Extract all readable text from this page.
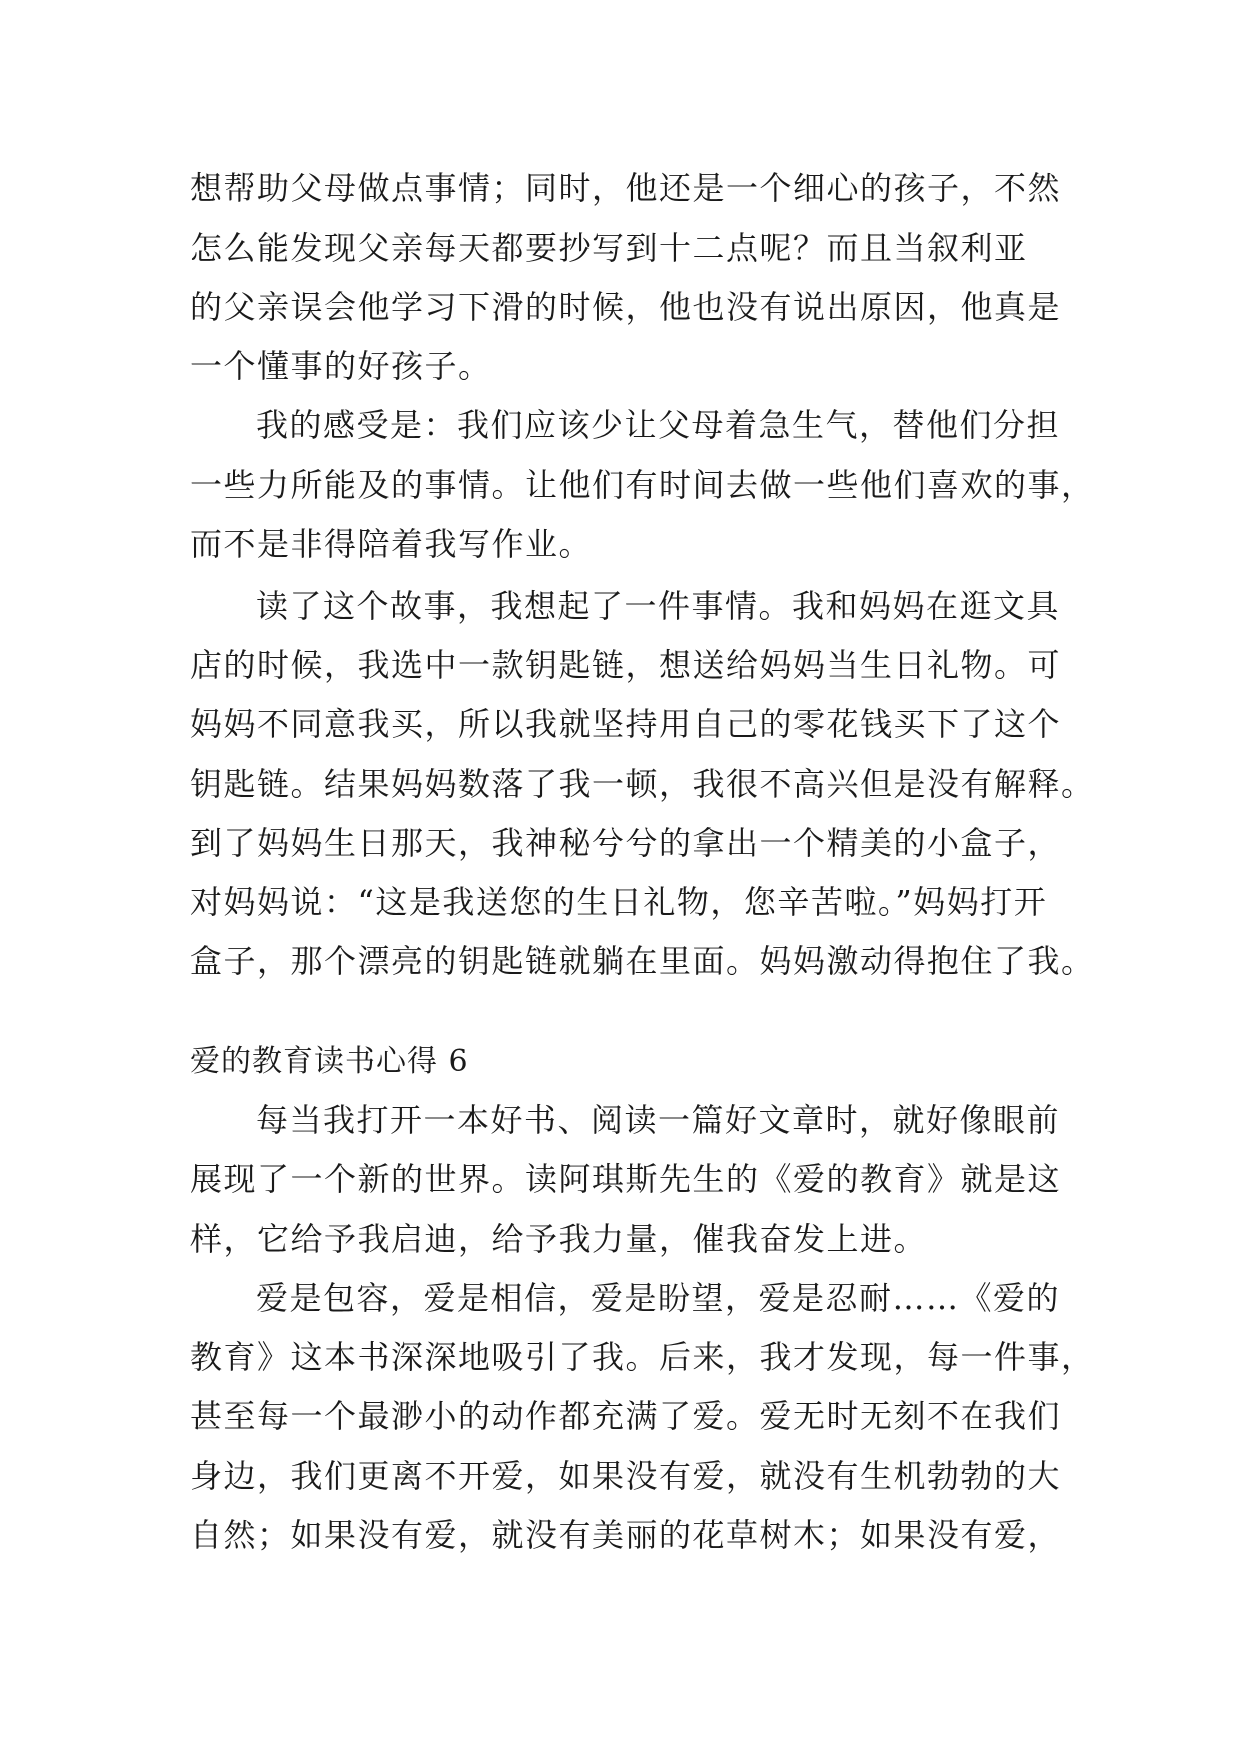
想帮助父母做点事情；同时，他还是一个细心的孩子，不然
怎么能发现父亲每天都要抄写到十二点呢？而且当叙利亚
的父亲误会他学习下滑的时候，他也没有说出原因，他真是
一个懂事的好孩子。
我的感受是：我们应该少让父母着急生气，替他们分担
一些力所能及的事情。让他们有时间去做一些他们喜欢的事，
而不是非得陪着我写作业。
读了这个故事，我想起了一件事情。我和妈妈在逛文具
店的时候，我选中一款钥匙链，想送给妈妈当生日礼物。可
妈妈不同意我买，所以我就坚持用自己的零花钱买下了这个
钥匙链。结果妈妈数落了我一顿，我很不高兴但是没有解释。
到了妈妈生日那天，我神秘兮兮的拿出一个精美的小盒子，
对妈妈说：“这是我送您的生日礼物，您辛苦啦。”妈妈打开
盒子，那个漂亮的钥匙链就躺在里面。妈妈激动得抱住了我。
爱的教育读书心得 6
每当我打开一本好书、阅读一篇好文章时，就好像眼前
展现了一个新的世界。读阿琪斯先生的《爱的教育》就是这
样，它给予我启迪，给予我力量，催我奋发上进。
爱是包容，爱是相信，爱是盼望，爱是忍耐……《爱的
教育》这本书深深地吸引了我。后来，我才发现，每一件事，
甚至每一个最渺小的动作都充满了爱。爱无时无刻不在我们
身边，我们更离不开爱，如果没有爱，就没有生机勃勃的大
自然；如果没有爱，就没有美丽的花草树木；如果没有爱，
